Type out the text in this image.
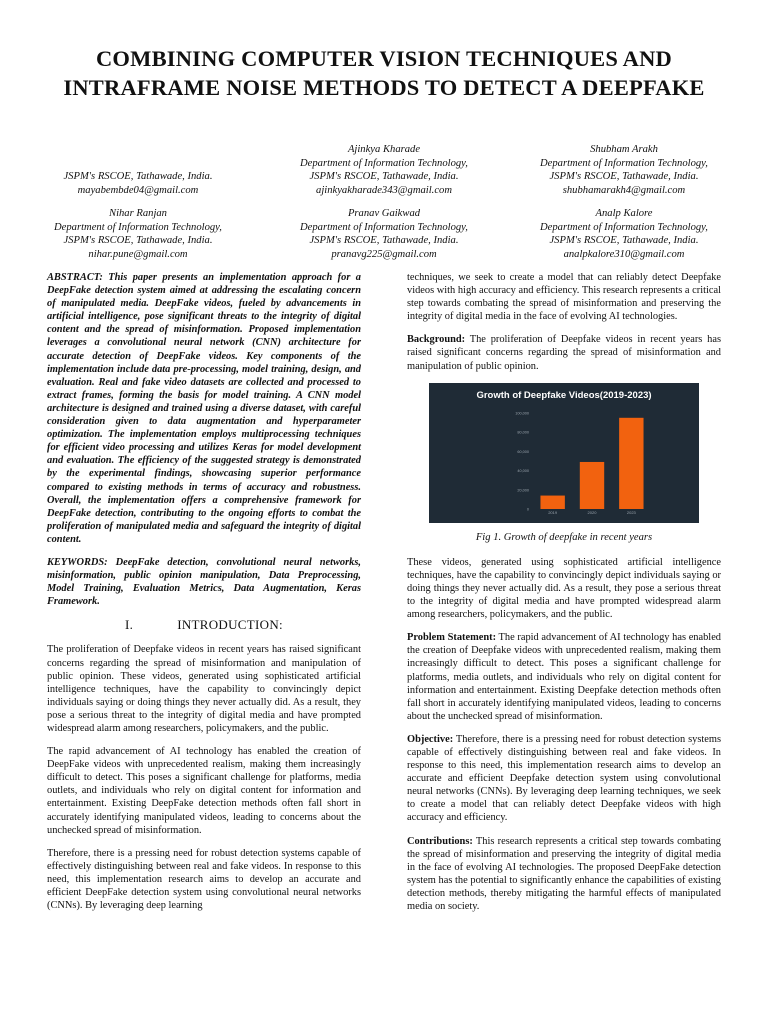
COMBINING COMPUTER VISION TECHNIQUES AND INTRAFRAME NOISE METHODS TO DETECT A DEEPFAKE
JSPM's RSCOE, Tathawade, India.
mayabembde04@gmail.com
Ajinkya Kharade
Department of Information Technology,
JSPM's RSCOE, Tathawade, India.
ajinkyakharade343@gmail.com
Shubham Arakh
Department of Information Technology,
JSPM's RSCOE, Tathawade, India.
shubhamarakh4@gmail.com
Nihar Ranjan
Department of Information Technology,
JSPM's RSCOE, Tathawade, India.
nihar.pune@gmail.com
Pranav Gaikwad
Department of Information Technology,
JSPM's RSCOE, Tathawade, India.
pranavg225@gmail.com
Analp Kalore
Department of Information Technology,
JSPM's RSCOE, Tathawade, India.
analpkalore310@gmail.com

ABSTRACT: This paper presents an implementation approach for a DeepFake detection system aimed at addressing the escalating concern of manipulated media. DeepFake videos, fueled by advancements in artificial intelligence, pose significant threats to the integrity of digital content and the spread of misinformation. Proposed implementation leverages a convolutional neural network (CNN) architecture for accurate detection of DeepFake videos. Key components of the implementation include data pre-processing, model training, design, and evaluation. Real and fake video datasets are collected and processed to extract frames, forming the basis for model training. A CNN model architecture is designed and trained using a diverse dataset, with careful consideration given to data augmentation and hyperparameter optimization. The implementation employs multiprocessing techniques for efficient video processing and utilizes Keras for model development and evaluation. The efficiency of the suggested strategy is demonstrated by the experimental findings, showcasing superior performance compared to existing methods in terms of accuracy and robustness. Overall, the implementation offers a comprehensive framework for DeepFake detection, contributing to the ongoing efforts to combat the proliferation of manipulated media and safeguard the integrity of digital content.

KEYWORDS: DeepFake detection, convolutional neural networks, misinformation, public opinion manipulation, Data Preprocessing, Model Training, Evaluation Metrics, Data Augmentation, Keras Framework.

I.	INTRODUCTION:

The proliferation of Deepfake videos in recent years has raised significant concerns regarding the spread of misinformation and manipulation of public opinion. These videos, generated using sophisticated artificial intelligence techniques, have the capability to convincingly depict individuals saying or doing things they never actually did. As a result, they pose a serious threat to the integrity of digital media and have prompted widespread alarm among researchers, policymakers, and the public.

The rapid advancement of AI technology has enabled the creation of DeepFake videos with unprecedented realism, making them increasingly difficult to detect. This poses a significant challenge for platforms, media outlets, and individuals who rely on digital content for information and entertainment. Existing DeepFake detection methods often fall short in accurately identifying manipulated videos, leading to concerns about the unchecked spread of misinformation.

Therefore, there is a pressing need for robust detection systems capable of effectively distinguishing between real and fake videos. In response to this need, this implementation research aims to develop an accurate and efficient DeepFake detection system using convolutional neural networks (CNNs). By leveraging deep learning

techniques, we seek to create a model that can reliably detect Deepfake videos with high accuracy and efficiency. This research represents a critical step towards combating the spread of misinformation and preserving the integrity of digital media in the face of evolving AI technologies.

Background: The proliferation of Deepfake videos in recent years has raised significant concerns regarding the spread of misinformation and manipulation of public opinion.

Growth of Deepfake Videos(2019-2023)
0
20,000
40,000
60,000
80,000
100,000
2019	2020	2023
Fig 1. Growth of deepfake in recent years

These videos, generated using sophisticated artificial intelligence techniques, have the capability to convincingly depict individuals saying or doing things they never actually did. As a result, they pose a serious threat to the integrity of digital media and have prompted widespread alarm among researchers, policymakers, and the public.

Problem Statement: The rapid advancement of AI technology has enabled the creation of Deepfake videos with unprecedented realism, making them increasingly difficult to detect. This poses a significant challenge for platforms, media outlets, and individuals who rely on digital content for information and entertainment. Existing Deepfake detection methods often fall short in accurately identifying manipulated videos, leading to concerns about the unchecked spread of misinformation.

Objective: Therefore, there is a pressing need for robust detection systems capable of effectively distinguishing between real and fake videos. In response to this need, this implementation research aims to develop an accurate and efficient Deepfake detection system using convolutional neural networks (CNNs). By leveraging deep learning techniques, we seek to create a model that can reliably detect Deepfake videos with high accuracy and efficiency.

Contributions: This research represents a critical step towards combating the spread of misinformation and preserving the integrity of digital media in the face of evolving AI technologies. The proposed DeepFake detection system has the potential to significantly enhance the capabilities of existing detection methods, thereby mitigating the harmful effects of manipulated media on society.
